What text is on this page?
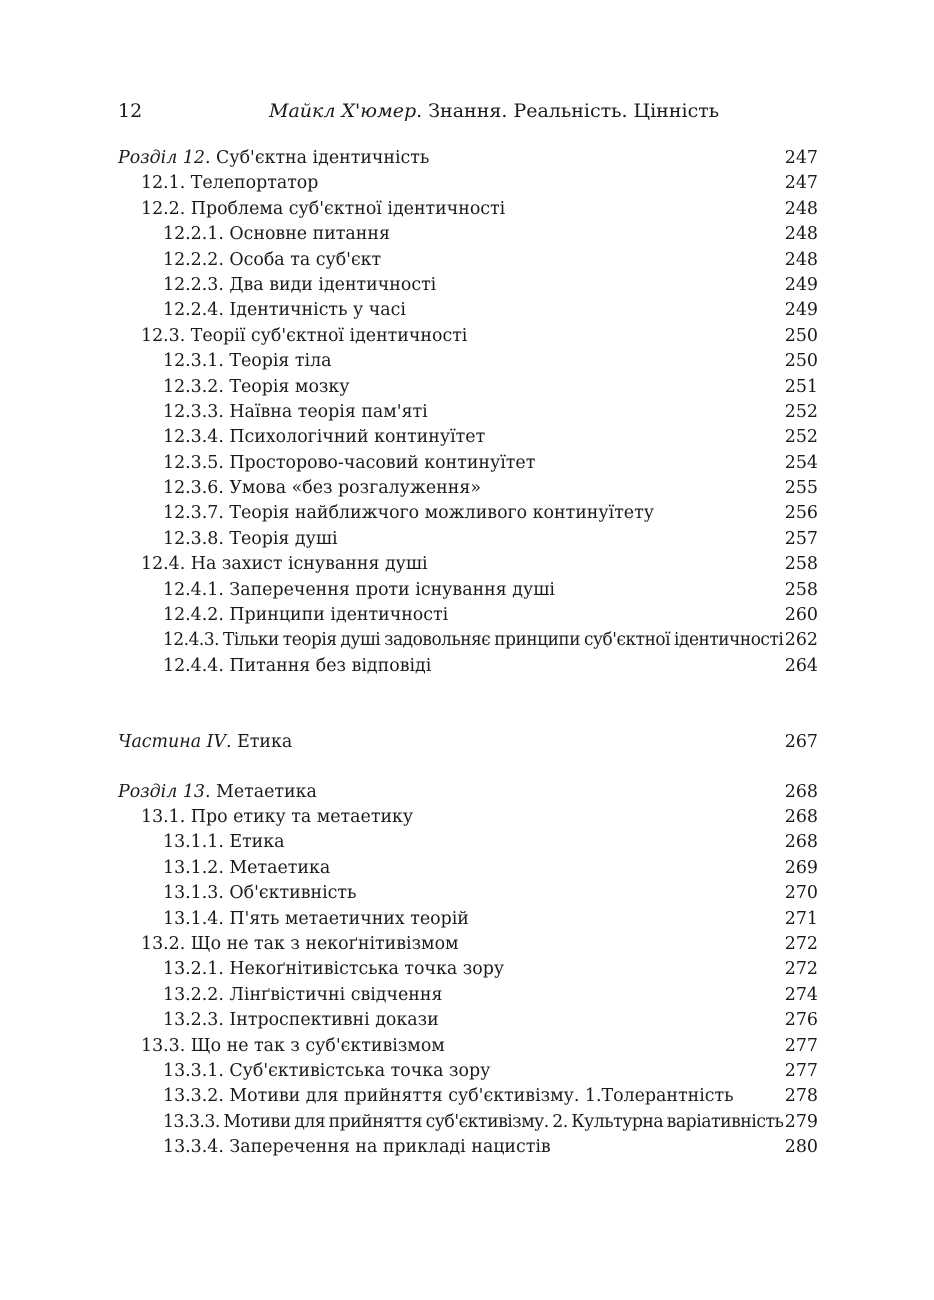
12	Майкл Х'юмер. Знання. Реальність. Цінність
Розділ 12. Суб'єктна ідентичність	247
12.1. Телепортатор	247
12.2. Проблема суб'єктної ідентичності	248
12.2.1. Основне питання	248
12.2.2. Особа та суб'єкт	248
12.2.3. Два види ідентичності	249
12.2.4. Ідентичність у часі	249
12.3. Теорії суб'єктної ідентичності	250
12.3.1. Теорія тіла	250
12.3.2. Теорія мозку	251
12.3.3. Наївна теорія пам'яті	252
12.3.4. Психологічний континуїтет	252
12.3.5. Просторово-часовий континуїтет	254
12.3.6. Умова «без розгалуження»	255
12.3.7. Теорія найближчого можливого континуїтету	256
12.3.8. Теорія душі	257
12.4. На захист існування душі	258
12.4.1. Заперечення проти існування душі	258
12.4.2. Принципи ідентичності	260
12.4.3. Тільки теорія душі задовольняє принципи суб'єктної ідентичності 262
12.4.4. Питання без відповіді	264
Частина IV. Етика	267
Розділ 13. Метаетика	268
13.1. Про етику та метаетику	268
13.1.1. Етика	268
13.1.2. Метаетика	269
13.1.3. Об'єктивність	270
13.1.4. П'ять метаетичних теорій	271
13.2. Що не так з некоґнітивізмом	272
13.2.1. Некоґнітивістська точка зору	272
13.2.2. Лінґвістичні свідчення	274
13.2.3. Інтроспективні докази	276
13.3. Що не так з суб'єктивізмом	277
13.3.1. Суб'єктивістська точка зору	277
13.3.2. Мотиви для прийняття суб'єктивізму. 1.Толерантність	278
13.3.3. Мотиви для прийняття суб'єктивізму. 2. Культурна варіативність 279
13.3.4. Заперечення на прикладі нацистів	280
